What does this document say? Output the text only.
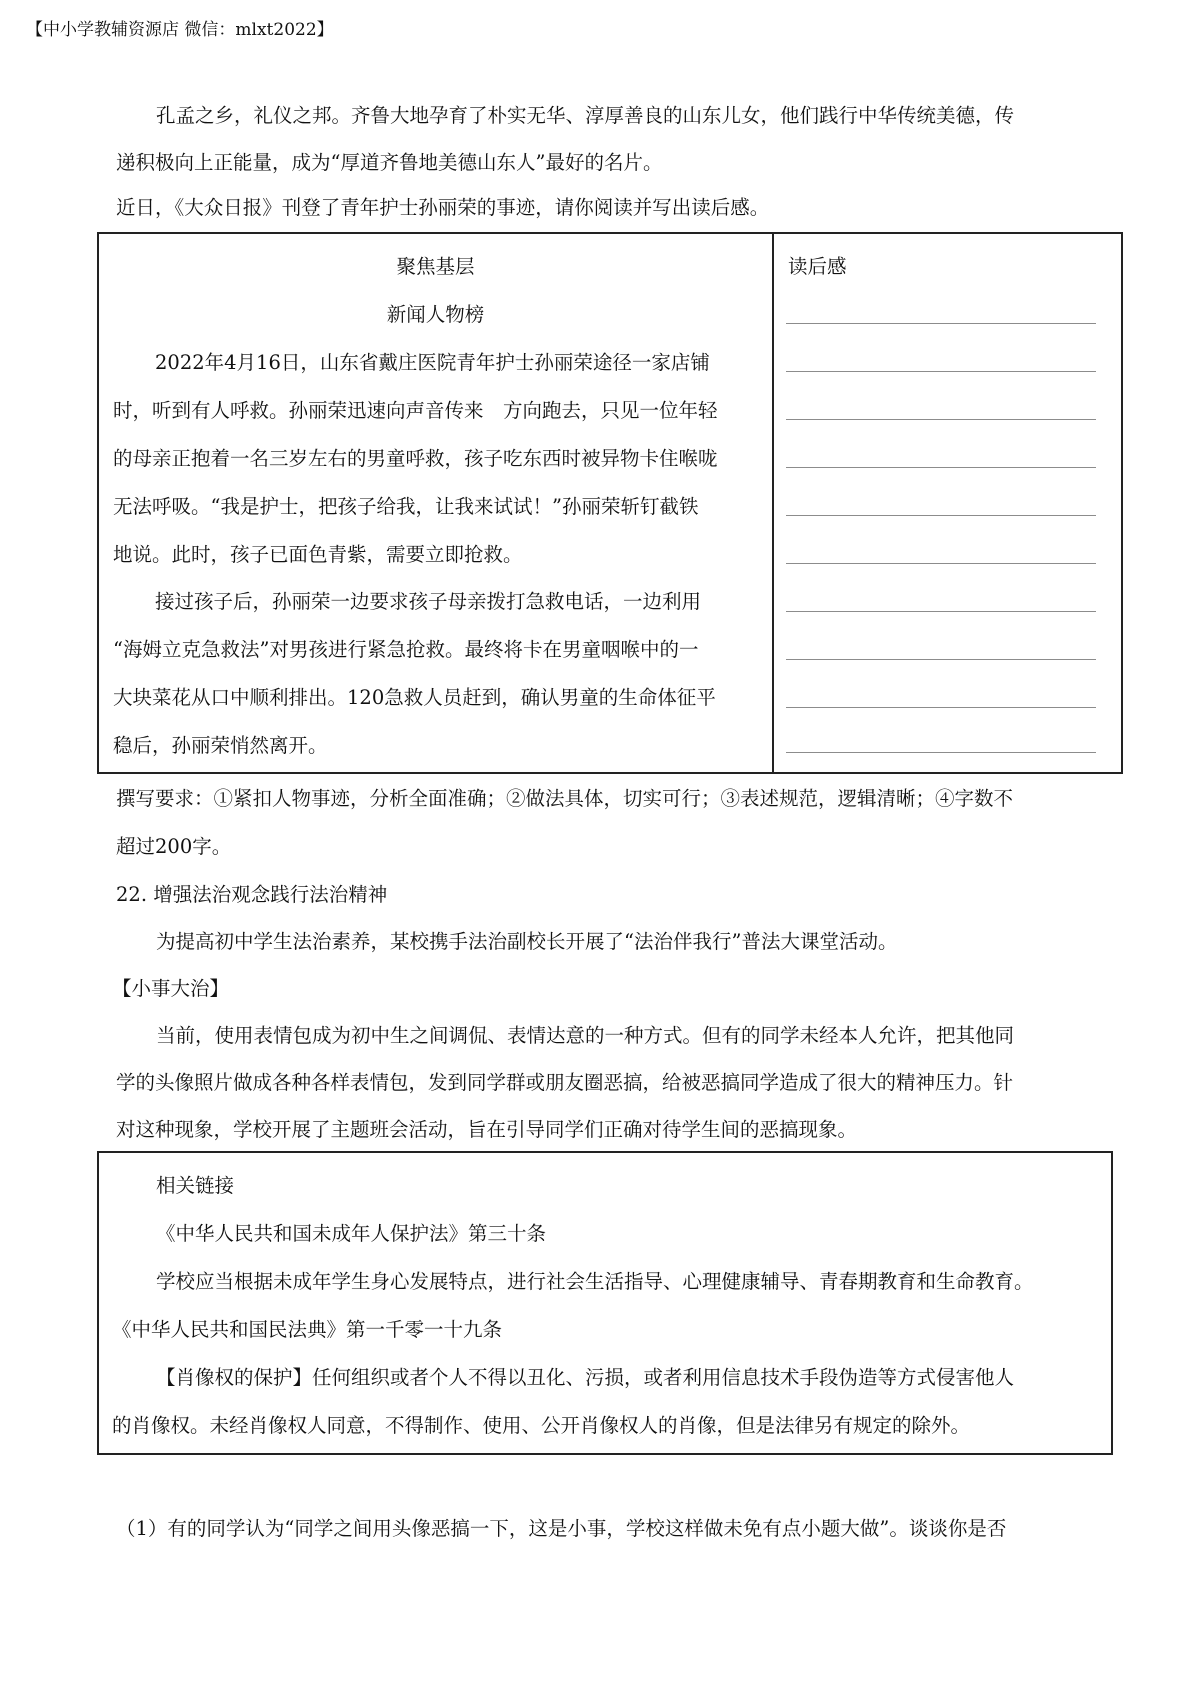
【中小学教辅资源店 微信：mlxt2022】
孔孟之乡，礼仪之邦。齐鲁大地孕育了朴实无华、淳厚善良的山东儿女，他们践行中华传统美德，传
递积极向上正能量，成为“厚道齐鲁地美德山东人”最好的名片。
近日，《大众日报》刊登了青年护士孙丽荣的事迹，请你阅读并写出读后感。
聚焦基层
新闻人物榜
2022年4月16日，山东省戴庄医院青年护士孙丽荣途径一家店铺
时，听到有人呼救。孙丽荣迅速向声音传来　方向跑去，只见一位年轻
的母亲正抱着一名三岁左右的男童呼救，孩子吃东西时被异物卡住喉咙
无法呼吸。“我是护士，把孩子给我，让我来试试！”孙丽荣斩钉截铁
地说。此时，孩子已面色青紫，需要立即抢救。
接过孩子后，孙丽荣一边要求孩子母亲拨打急救电话，一边利用
“海姆立克急救法”对男孩进行紧急抢救。最终将卡在男童咽喉中的一
大块菜花从口中顺利排出。120急救人员赶到，确认男童的生命体征平
稳后，孙丽荣悄然离开。
读后感
撰写要求：①紧扣人物事迹，分析全面准确；②做法具体，切实可行；③表述规范，逻辑清晰；④字数不
超过200字。
22. 增强法治观念践行法治精神
为提高初中学生法治素养，某校携手法治副校长开展了“法治伴我行”普法大课堂活动。
【小事大治】
当前，使用表情包成为初中生之间调侃、表情达意的一种方式。但有的同学未经本人允许，把其他同
学的头像照片做成各种各样表情包，发到同学群或朋友圈恶搞，给被恶搞同学造成了很大的精神压力。针
对这种现象，学校开展了主题班会活动，旨在引导同学们正确对待学生间的恶搞现象。
相关链接
《中华人民共和国未成年人保护法》第三十条
学校应当根据未成年学生身心发展特点，进行社会生活指导、心理健康辅导、青春期教育和生命教育。
《中华人民共和国民法典》第一千零一十九条
【肖像权的保护】任何组织或者个人不得以丑化、污损，或者利用信息技术手段伪造等方式侵害他人
的肖像权。未经肖像权人同意，不得制作、使用、公开肖像权人的肖像，但是法律另有规定的除外。
（1）有的同学认为“同学之间用头像恶搞一下，这是小事，学校这样做未免有点小题大做”。谈谈你是否
